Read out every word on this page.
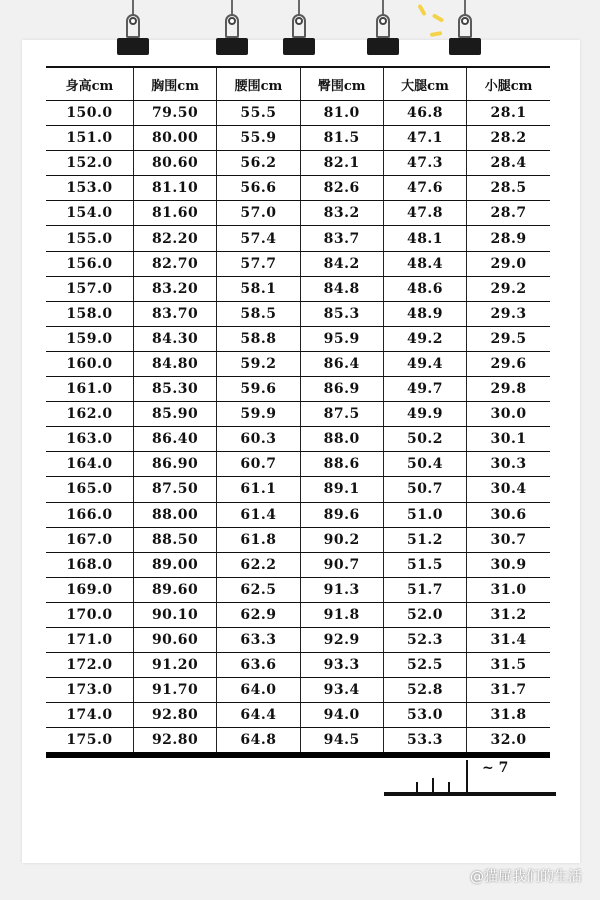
身高cm	胸围cm	腰围cm	臀围cm	大腿cm	小腿cm
150.0	79.50	55.5	81.0	46.8	28.1
151.0	80.00	55.9	81.5	47.1	28.2
152.0	80.60	56.2	82.1	47.3	28.4
153.0	81.10	56.6	82.6	47.6	28.5
154.0	81.60	57.0	83.2	47.8	28.7
155.0	82.20	57.4	83.7	48.1	28.9
156.0	82.70	57.7	84.2	48.4	29.0
157.0	83.20	58.1	84.8	48.6	29.2
158.0	83.70	58.5	85.3	48.9	29.3
159.0	84.30	58.8	95.9	49.2	29.5
160.0	84.80	59.2	86.4	49.4	29.6
161.0	85.30	59.6	86.9	49.7	29.8
162.0	85.90	59.9	87.5	49.9	30.0
163.0	86.40	60.3	88.0	50.2	30.1
164.0	86.90	60.7	88.6	50.4	30.3
165.0	87.50	61.1	89.1	50.7	30.4
166.0	88.00	61.4	89.6	51.0	30.6
167.0	88.50	61.8	90.2	51.2	30.7
168.0	89.00	62.2	90.7	51.5	30.9
169.0	89.60	62.5	91.3	51.7	31.0
170.0	90.10	62.9	91.8	52.0	31.2
171.0	90.60	63.3	92.9	52.3	31.4
172.0	91.20	63.6	93.3	52.5	31.5
173.0	91.70	64.0	93.4	52.8	31.7
174.0	92.80	64.4	94.0	53.0	31.8
175.0	92.80	64.8	94.5	53.3	32.0
~ 7
@猫屉我们的生活
